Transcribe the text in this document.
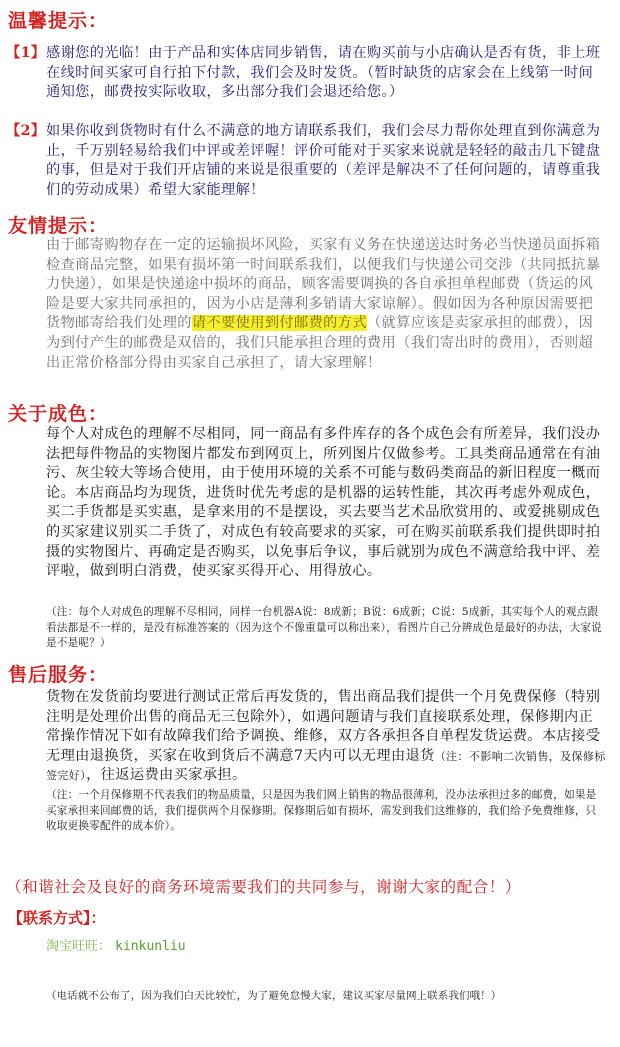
温馨提示：
【1】 感谢您的光临！由于产品和实体店同步销售，请在购买前与小店确认是否有货，非上班在线时间买家可自行拍下付款，我们会及时发货。（暂时缺货的店家会在上线第一时间通知您，邮费按实际收取，多出部分我们会退还给您。）
【2】 如果你收到货物时有什么不满意的地方请联系我们，我们会尽力帮你处理直到你满意为止，千万别轻易给我们中评或差评喔！评价可能对于买家来说就是轻轻的敲击几下键盘的事，但是对于我们开店铺的来说是很重要的（差评是解决不了任何问题的，请尊重我们的劳动成果）希望大家能理解！
友情提示：
由于邮寄购物存在一定的运输损坏风险，买家有义务在快递送达时务必当快递员面拆箱检查商品完整，如果有损坏第一时间联系我们，以便我们与快递公司交涉（共同抵抗暴力快递），如果是快递途中损坏的商品，顾客需要调换的各自承担单程邮费（货运的风险是要大家共同承担的，因为小店是薄利多销请大家谅解）。假如因为各种原因需要把货物邮寄给我们处理的请不要使用到付邮费的方式（就算应该是卖家承担的邮费），因为到付产生的邮费是双倍的，我们只能承担合理的费用（我们寄出时的费用），否则超出正常价格部分得由买家自己承担了，请大家理解！
关于成色：
每个人对成色的理解不尽相同，同一商品有多件库存的各个成色会有所差异，我们没办法把每件物品的实物图片都发布到网页上，所列图片仅做参考。工具类商品通常在有油污、灰尘较大等场合使用，由于使用环境的关系不可能与数码类商品的新旧程度一概而论。本店商品均为现货，进货时优先考虑的是机器的运转性能，其次再考虑外观成色，买二手货都是买实惠，是拿来用的不是摆设，买去要当艺术品欣赏用的、或爱挑剔成色的买家建议别买二手货了，对成色有较高要求的买家，可在购买前联系我们提供即时拍摄的实物图片、再确定是否购买，以免事后争议，事后就别为成色不满意给我中评、差评啦，做到明白消费，使买家买得开心、用得放心。
（注：每个人对成色的理解不尽相同，同样一台机器A说：8成新；B说：6成新；C说：5成新，其实每个人的观点跟看法都是不一样的，是没有标准答案的（因为这个不像重量可以称出来），看图片自己分辨成色是最好的办法，大家说是不是呢？）
售后服务：
货物在发货前均要进行测试正常后再发货的，售出商品我们提供一个月免费保修（特别注明是处理价出售的商品无三包除外），如遇问题请与我们直接联系处理，保修期内正常操作情况下如有故障我们给予调换、维修，双方各承担各自单程发货运费。本店接受无理由退换货，买家在收到货后不满意7天内可以无理由退货（注：不影响二次销售，及保修标签完好），往返运费由买家承担。
（注：一个月保修期不代表我们的物品质量，只是因为我们网上销售的物品很薄利，没办法承担过多的邮费，如果是买家承担来回邮费的话，我们提供两个月保修期。保修期后如有损坏，需发到我们这维修的，我们给予免费维修，只收取更换零配件的成本价）。
（和谐社会及良好的商务环境需要我们的共同参与，谢谢大家的配合！）
【联系方式】：
淘宝旺旺： kinkunliu
（电话就不公布了，因为我们白天比较忙，为了避免怠慢大家，建议买家尽量网上联系我们哦！）
